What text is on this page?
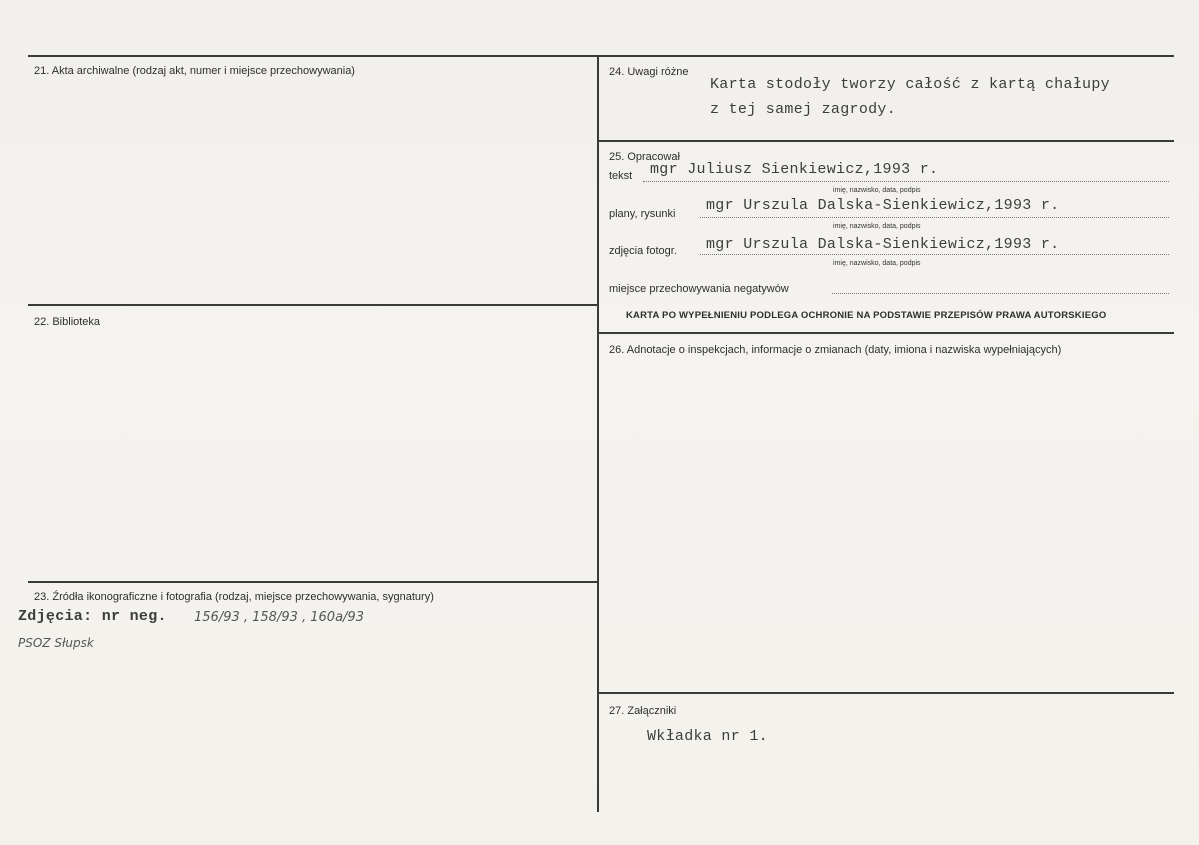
21. Akta archiwalne (rodzaj akt, numer i miejsce przechowywania)
22. Biblioteka
23. Źródła ikonograficzne i fotografia (rodzaj, miejsce przechowywania, sygnatury)
Zdjęcia: nr neg. 156/93 , 158/93 , 160a/93
PSOZ Słupsk
24. Uwagi różne
Karta stodoły tworzy całość z kartą chałupy
z tej samej zagrody.
25. Opracował
tekst mgr Juliusz Sienkiewicz,1993 r.
imię, nazwisko, data, podpis
plany, rysunki mgr Urszula Dalska-Sienkiewicz,1993 r.
imię, nazwisko, data, podpis
zdjęcia fotogr. mgr Urszula Dalska-Sienkiewicz,1993 r.
imię, nazwisko, data, podpis
miejsce przechowywania negatywów
KARTA PO WYPEŁNIENIU PODLEGA OCHRONIE NA PODSTAWIE PRZEPISÓW PRAWA AUTORSKIEGO
26. Adnotacje o inspekcjach, informacje o zmianach (daty, imiona i nazwiska wypełniających)
27. Załączniki
Wkładka nr 1.
